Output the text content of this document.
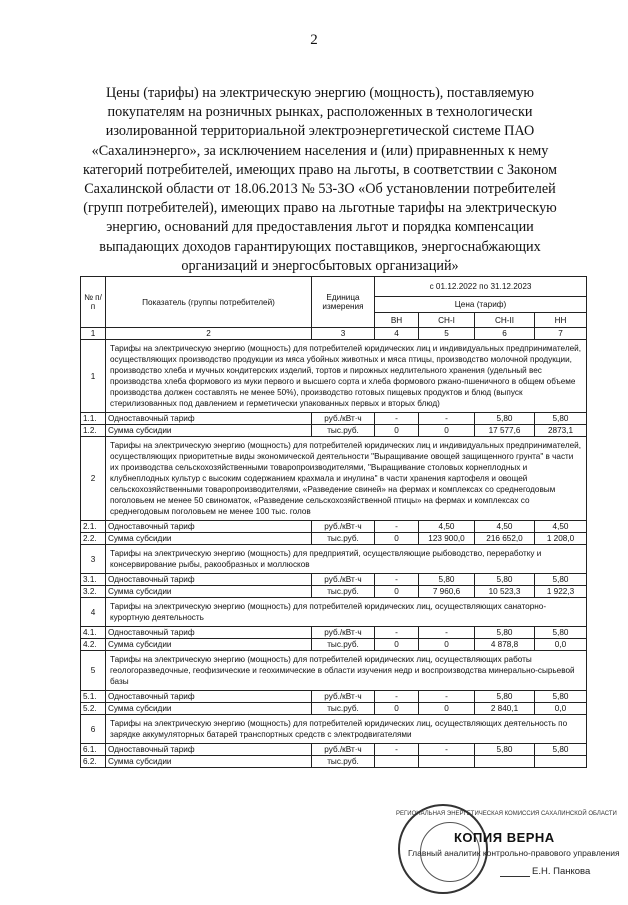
2
Цены (тарифы) на электрическую энергию (мощность), поставляемую покупателям на розничных рынках, расположенных в технологически изолированной территориальной электроэнергетической системе ПАО «Сахалинэнерго», за исключением населения и (или) приравненных к нему категорий потребителей, имеющих право на льготы, в соответствии с Законом Сахалинской области от 18.06.2013 № 53-ЗО «Об установлении потребителей (групп потребителей), имеющих право на льготные тарифы на электрическую энергию, оснований для предоставления льгот и порядка компенсации выпадающих доходов гарантирующих поставщиков, энергоснабжающих организаций и энергосбытовых организаций»
№ п/п	Показатель (группы потребителей)	Единица измерения	с 01.12.2022 по 31.12.2023			
			Цена (тариф)			
			ВН	СН-I	СН-II	НН
1	2	3	4	5	6	7
1	Тарифы на электрическую энергию (мощность) для потребителей юридических лиц и индивидуальных предпринимателей, осуществляющих производство продукции из мяса убойных животных и мяса птицы, производство молочной продукции, производство хлеба и мучных кондитерских изделий, тортов и пирожных недлительного хранения (удельный вес производства хлеба формового из муки первого и высшего сорта и хлеба формового ржано-пшеничного в общем объеме производства должен составлять не менее 50%), производство готовых пищевых продуктов и блюд (выпуск стерилизованных под давлением и герметически упакованных первых и вторых блюд)					
1.1.	Одноставочный тариф	руб./кВт·ч	-	-	5,80	5,80
1.2.	Сумма субсидии	тыс.руб.	0	0	17 577,6	2873,1
2	Тарифы на электрическую энергию (мощность) для потребителей юридических лиц и индивидуальных предпринимателей, осуществляющих приоритетные виды экономической деятельности "Выращивание овощей защищенного грунта" в части их производства сельскохозяйственными товаропроизводителями, "Выращивание столовых корнеплодных и клубнеплодных культур с высоким содержанием крахмала и инулина" в части хранения картофеля и овощей сельскохозяйственными товаропроизводителями, «Разведение свиней» на фермах и комплексах со среднегодовым поголовьем не менее 50 свиноматок, «Разведение сельскохозяйственной птицы» на фермах и комплексах со среднегодовым поголовьем не менее 100 тыс. голов					
2.1.	Одноставочный тариф	руб./кВт·ч	-	4,50	4,50	4,50
2.2.	Сумма субсидии	тыс.руб.	0	123 900,0	216 652,0	1 208,0
3	Тарифы на электрическую энергию (мощность) для предприятий, осуществляющие рыбоводство, переработку и консервирование рыбы, ракообразных и моллюсков					
3.1.	Одноставочный тариф	руб./кВт·ч	-	5,80	5,80	5,80
3.2.	Сумма субсидии	тыс.руб.	0	7 960,6	10 523,3	1 922,3
4	Тарифы на электрическую энергию (мощность) для потребителей юридических лиц, осуществляющих санаторно-курортную деятельность					
4.1.	Одноставочный тариф	руб./кВт·ч	-	-	5,80	5,80
4.2.	Сумма субсидии	тыс.руб.	0	0	4 878,8	0,0
5	Тарифы на электрическую энергию (мощность) для потребителей юридических лиц, осуществляющих работы геологоразведочные, геофизические и геохимические в области изучения недр и воспроизводства минерально-сырьевой базы					
5.1.	Одноставочный тариф	руб./кВт·ч	-	-	5,80	5,80
5.2.	Сумма субсидии	тыс.руб.	0	0	2 840,1	0,0
6	Тарифы на электрическую энергию (мощность) для потребителей юридических лиц, осуществляющих деятельность по зарядке аккумуляторных батарей транспортных средств с электродвигателями					
6.1.	Одноставочный тариф	руб./кВт·ч	-	-	5,80	5,80
6.2.	Сумма субсидии	тыс.руб.				
РЕГИОНАЛЬНАЯ ЭНЕРГЕТИЧЕСКАЯ КОМИССИЯ САХАЛИНСКОЙ ОБЛАСТИ
КОПИЯ ВЕРНА
Главный аналитик контрольно-правового управления
Е.Н. Панкова
